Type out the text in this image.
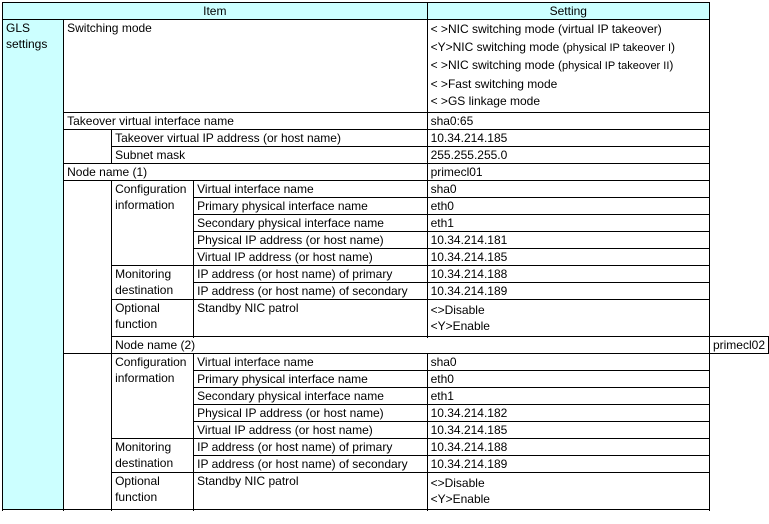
Item				Setting	

GLS
settings	Switching mode			< >NIC switching mode (virtual IP takeover)
<Y>NIC switching mode (physical IP takeover I)
< >NIC switching mode (physical IP takeover II)
< >Fast switching mode
< >GS linkage mode	

	Takeover virtual interface name			sha0:65	
		Takeover virtual IP address (or host name)		10.34.214.185	
		Subnet mask		255.255.255.0	
	Node name (1)			primecl01	

		Configuration
information	Virtual interface name	sha0	
			Primary physical interface name	eth0	
			Secondary physical interface name	eth1	
			Physical IP address (or host name)	10.34.214.181	
			Virtual IP address (or host name)	10.34.214.185	

		Monitoring
destination	IP address (or host name) of primary	10.34.214.188	
			IP address (or host name) of secondary	10.34.214.189	

		Optional
function	Standby NIC patrol	<>Disable
<Y>Enable	

		Node name (2)			primecl02

		Configuration
information	Virtual interface name	sha0	
			Primary physical interface name	eth0	
			Secondary physical interface name	eth1	
			Physical IP address (or host name)	10.34.214.182	
			Virtual IP address (or host name)	10.34.214.185	

		Monitoring
destination	IP address (or host name) of primary	10.34.214.188	
			IP address (or host name) of secondary	10.34.214.189	

		Optional
function	Standby NIC patrol	<>Disable
<Y>Enable	
